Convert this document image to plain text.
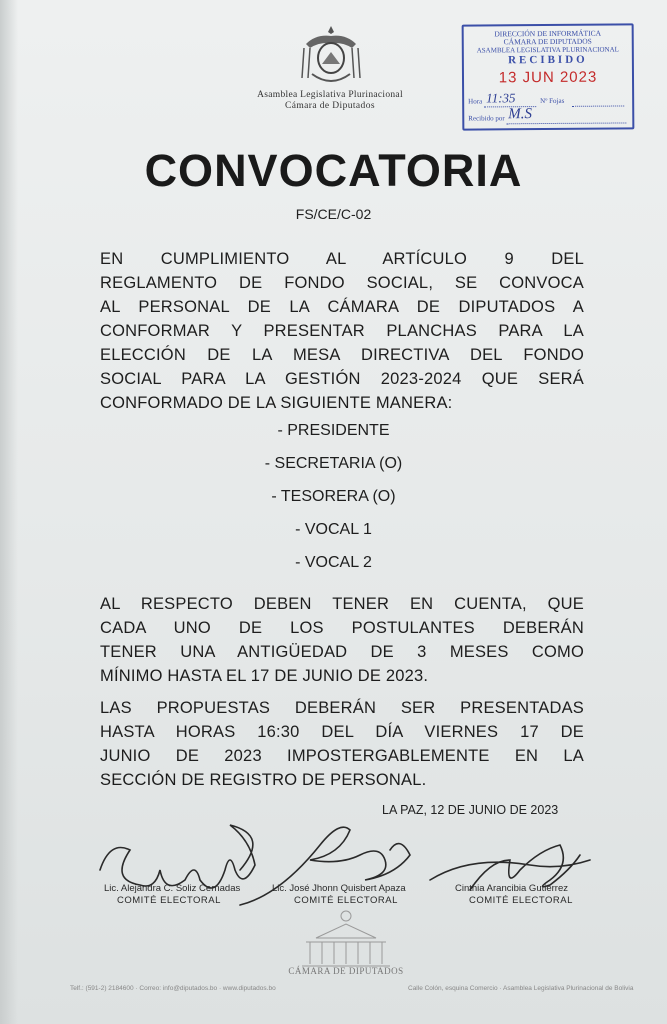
Asamblea Legislativa Plurinacional
Cámara de Diputados
DIRECCIÓN DE INFORMÁTICA
CÁMARA DE DIPUTADOS
ASAMBLEA LEGISLATIVA PLURINACIONAL
RECIBIDO
13 JUN 2023
Hora 11:35	Nº Fojas
Recibido por M.S
CONVOCATORIA
FS/CE/C-02
EN CUMPLIMIENTO AL ARTÍCULO 9 DEL
REGLAMENTO DE FONDO SOCIAL, SE CONVOCA
AL PERSONAL DE LA CÁMARA DE DIPUTADOS A
CONFORMAR Y PRESENTAR PLANCHAS PARA LA
ELECCIÓN DE LA MESA DIRECTIVA DEL FONDO
SOCIAL PARA LA GESTIÓN 2023-2024 QUE SERÁ
CONFORMADO DE LA SIGUIENTE MANERA:
- PRESIDENTE
- SECRETARIA (O)
- TESORERA (O)
- VOCAL 1
- VOCAL 2
AL RESPECTO DEBEN TENER EN CUENTA, QUE
CADA UNO DE LOS POSTULANTES DEBERÁN
TENER UNA ANTIGÜEDAD DE 3 MESES COMO
MÍNIMO HASTA EL 17 DE JUNIO DE 2023.
LAS PROPUESTAS DEBERÁN SER PRESENTADAS
HASTA HORAS 16:30 DEL DÍA VIERNES 17 DE
JUNIO DE 2023 IMPOSTERGABLEMENTE EN LA
SECCIÓN DE REGISTRO DE PERSONAL.
LA PAZ, 12 DE JUNIO DE 2023
Lic. Alejandra C. Soliz Cernadas
COMITÉ ELECTORAL
Lic. José Jhonn Quisbert Apaza
COMITÉ ELECTORAL
Cinthia Arancibia Gutiérrez
COMITÉ ELECTORAL
CÁMARA DE DIPUTADOS
Telf.: (591-2) 2184600 · Correo: info@diputados.bo · www.diputados.bo	Calle Colón, esquina Comercio · Asamblea Legislativa Plurinacional de Bolivia
